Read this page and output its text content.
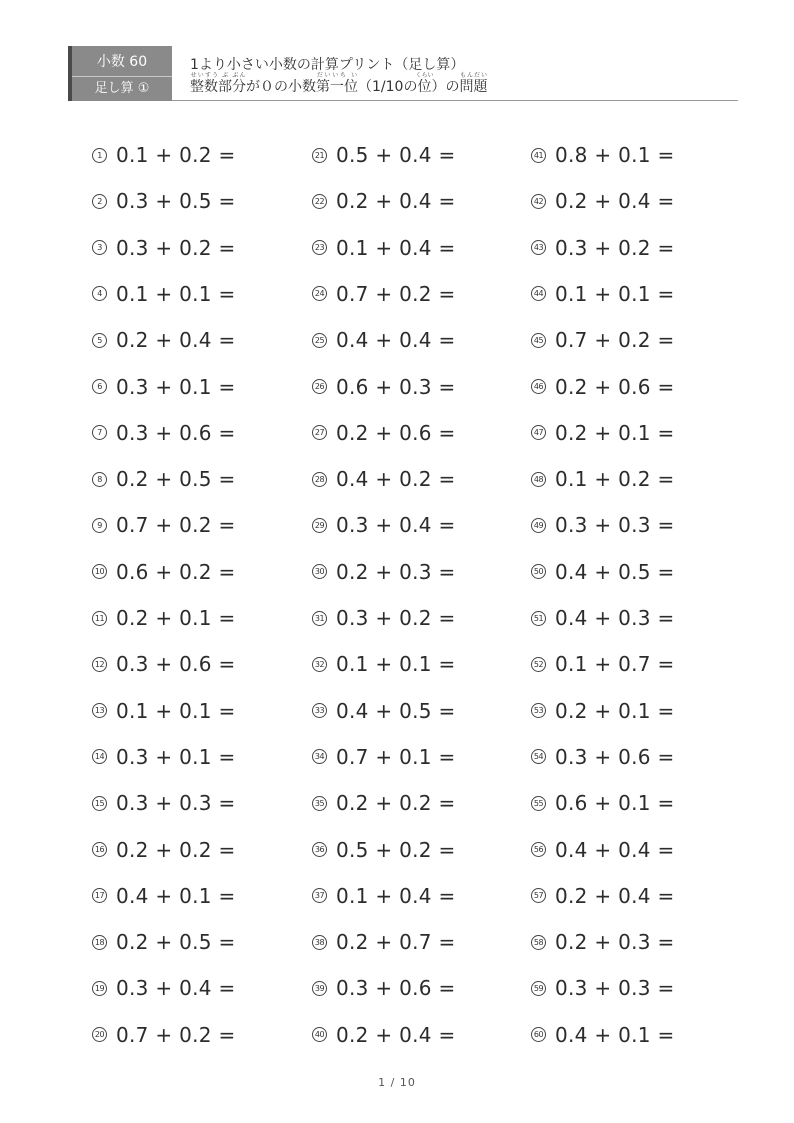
小数 60
足し算 ①
1より小さい小数の計算プリント（足し算）
整数部分せいすう ぶ ぶんが０の小数第一位だいいち い（1/10の位くらい）の問題もんだい
1 0.1 + 0.2 =
2 0.3 + 0.5 =
3 0.3 + 0.2 =
4 0.1 + 0.1 =
5 0.2 + 0.4 =
6 0.3 + 0.1 =
7 0.3 + 0.6 =
8 0.2 + 0.5 =
9 0.7 + 0.2 =
10 0.6 + 0.2 =
11 0.2 + 0.1 =
12 0.3 + 0.6 =
13 0.1 + 0.1 =
14 0.3 + 0.1 =
15 0.3 + 0.3 =
16 0.2 + 0.2 =
17 0.4 + 0.1 =
18 0.2 + 0.5 =
19 0.3 + 0.4 =
20 0.7 + 0.2 =
21 0.5 + 0.4 =
22 0.2 + 0.4 =
23 0.1 + 0.4 =
24 0.7 + 0.2 =
25 0.4 + 0.4 =
26 0.6 + 0.3 =
27 0.2 + 0.6 =
28 0.4 + 0.2 =
29 0.3 + 0.4 =
30 0.2 + 0.3 =
31 0.3 + 0.2 =
32 0.1 + 0.1 =
33 0.4 + 0.5 =
34 0.7 + 0.1 =
35 0.2 + 0.2 =
36 0.5 + 0.2 =
37 0.1 + 0.4 =
38 0.2 + 0.7 =
39 0.3 + 0.6 =
40 0.2 + 0.4 =
41 0.8 + 0.1 =
42 0.2 + 0.4 =
43 0.3 + 0.2 =
44 0.1 + 0.1 =
45 0.7 + 0.2 =
46 0.2 + 0.6 =
47 0.2 + 0.1 =
48 0.1 + 0.2 =
49 0.3 + 0.3 =
50 0.4 + 0.5 =
51 0.4 + 0.3 =
52 0.1 + 0.7 =
53 0.2 + 0.1 =
54 0.3 + 0.6 =
55 0.6 + 0.1 =
56 0.4 + 0.4 =
57 0.2 + 0.4 =
58 0.2 + 0.3 =
59 0.3 + 0.3 =
60 0.4 + 0.1 =
1 / 10
